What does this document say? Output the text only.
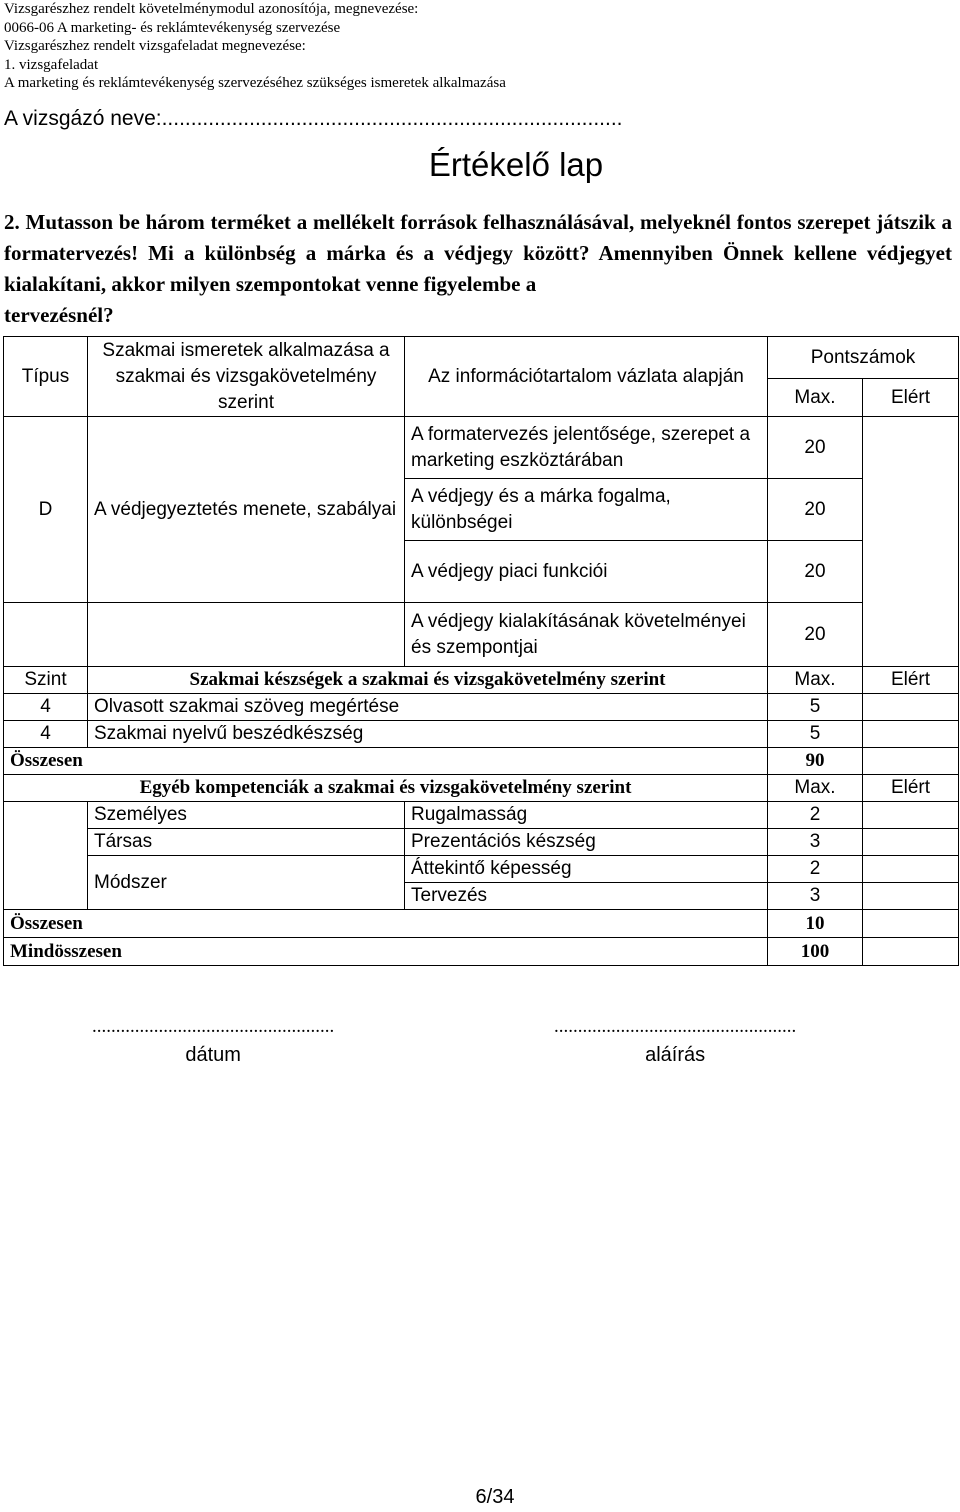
Vizsgarészhez rendelt követelménymodul azonosítója, megnevezése:
0066-06 A marketing- és reklámtevékenység szervezése
Vizsgarészhez rendelt vizsgafeladat megnevezése:
1. vizsgafeladat
A marketing és reklámtevékenység szervezéséhez szükséges ismeretek alkalmazása
A vizsgázó neve:...............................................................................
Értékelő lap
2. Mutasson be három terméket a mellékelt források felhasználásával, melyeknél fontos szerepet játszik a formatervezés! Mi a különbség a márka és a védjegy között? Amennyiben Önnek kellene védjegyet kialakítani, akkor milyen szempontokat venne figyelembe a
tervezésnél?
Típus	Szakmai ismeretek alkalmazása a szakmai és vizsgakövetelmény szerint	Az információtartalom vázlata alapján	Pontszámok	
			Max.	Elért
D	A védjegyeztetés menete, szabályai	A formatervezés jelentősége, szerepet a marketing eszköztárában	20	
		A védjegy és a márka fogalma, különbségei	20	
		A védjegy piaci funkciói	20	
		A védjegy kialakításának követelményei és szempontjai	20	
Szint	Szakmai készségek a szakmai és vizsgakövetelmény szerint		Max.	Elért
4	Olvasott szakmai szöveg megértése		5	
4	Szakmai nyelvű beszédkészség		5	
Összesen			90	
Egyéb kompetenciák a szakmai és vizsgakövetelmény szerint			Max.	Elért
	Személyes	Rugalmasság	2	
	Társas	Prezentációs készség	3	
	Módszer	Áttekintő képesség	2	
		Tervezés	3	
Összesen			10	
Mindösszesen			100	
...................................................
dátum
...................................................
aláírás
6/34
